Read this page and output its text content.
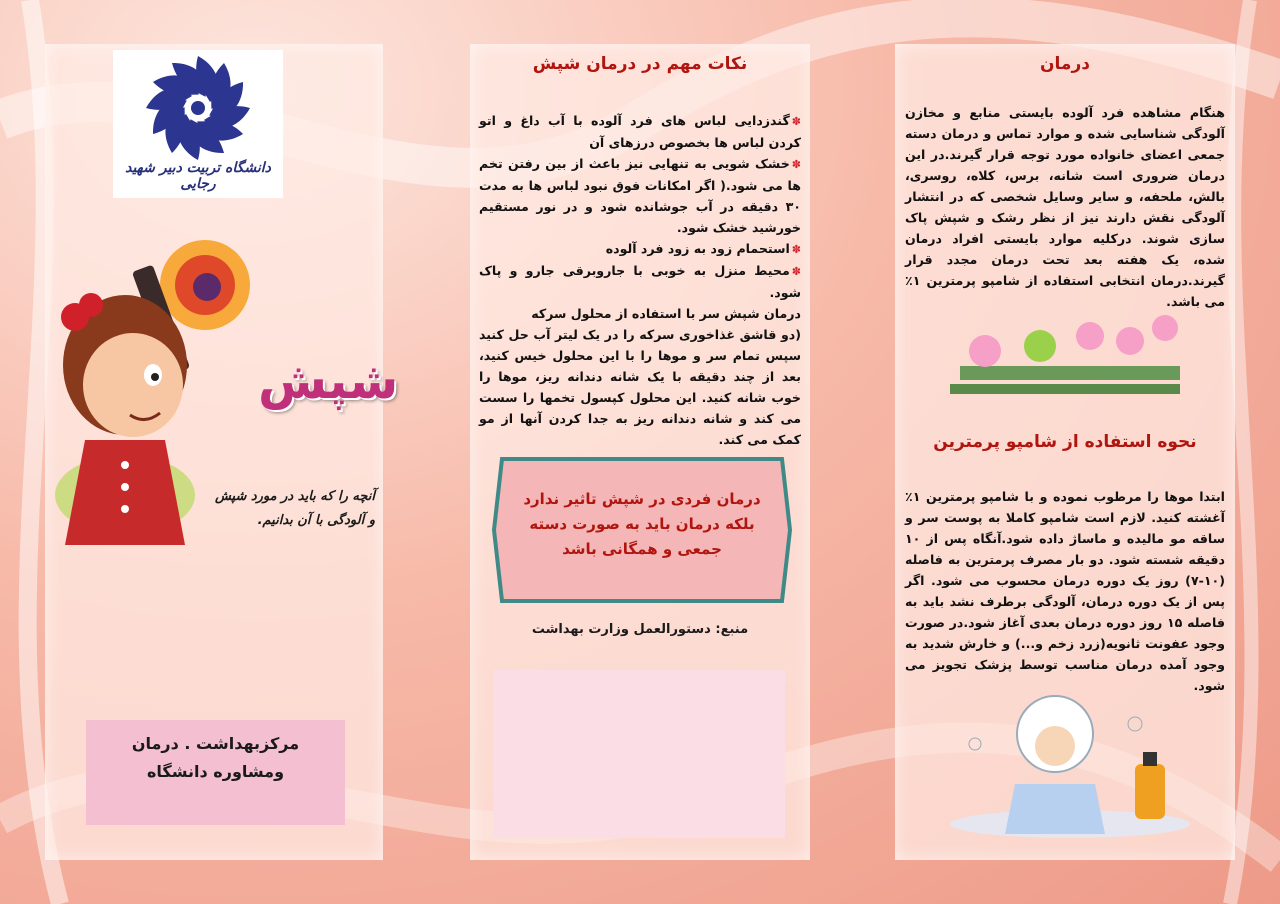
دانشگاه تربیت دبیر شهید رجایی
شپش
آنچه را که باید در مورد شپش
و آلودگی با آن بدانیم.
مرکزبهداشت . درمان
ومشاوره دانشگاه
نکات مهم در درمان شپش
✽گندزدایی لباس های فرد آلوده با آب داغ و اتو کردن لباس ها بخصوص درزهای آن
✽خشک شویی به تنهایی نیز باعث از بین رفتن تخم ها می شود.( اگر امکانات فوق نبود لباس ها به مدت ۳۰ دقیقه در آب جوشانده شود و در نور مستقیم خورشید خشک شود.
✽استحمام زود به زود فرد آلوده
✽محیط منزل به خوبی با جاروبرقی جارو و پاک شود.
درمان شپش سر با استفاده از محلول سرکه
(دو قاشق غذاخوری سرکه را در یک لیتر آب حل کنید سپس تمام سر و موها را با این محلول خیس کنید، بعد از چند دقیقه با یک شانه دندانه ریز، موها را خوب شانه کنید. این محلول کپسول تخمها را سست می کند و شانه دندانه ریز به جدا کردن آنها از مو کمک می کند.
درمان فردی در شپش تاثیر ندارد بلکه درمان باید به صورت دسته جمعی و همگانی باشد
منبع: دستورالعمل وزارت بهداشت
درمان
هنگام مشاهده فرد آلوده بایستی منابع و مخازن آلودگی شناسایی شده و موارد تماس و درمان دسته جمعی اعضای خانواده مورد توجه قرار گیرند.در این درمان ضروری است شانه، برس، کلاه، روسری، بالش، ملحفه، و سایر وسایل شخصی که در انتشار آلودگی نقش دارند نیز از نظر رشک و شپش پاک سازی شوند. درکلیه موارد بایستی افراد درمان شده، یک هفته بعد تحت درمان مجدد قرار گیرند.درمان انتخابی استفاده از شامپو پرمترین ۱٪ می باشد.
نحوه استفاده از شامپو پرمترین
ابتدا موها را مرطوب نموده و با شامپو پرمترین ۱٪ آغشته کنید. لازم است شامپو کاملا به پوست سر و ساقه مو مالیده و ماساژ داده شود.آنگاه پس از ۱۰ دقیقه شسته شود. دو بار مصرف پرمترین به فاصله (۱۰-۷) روز یک دوره درمان محسوب می شود. اگر پس از یک دوره درمان، آلودگی برطرف نشد باید به فاصله ۱۵ روز دوره درمان بعدی آغاز شود.در صورت وجود عفونت ثانویه(زرد زخم و...) و خارش شدید به وجود آمده درمان مناسب توسط پزشک تجویز می شود.
